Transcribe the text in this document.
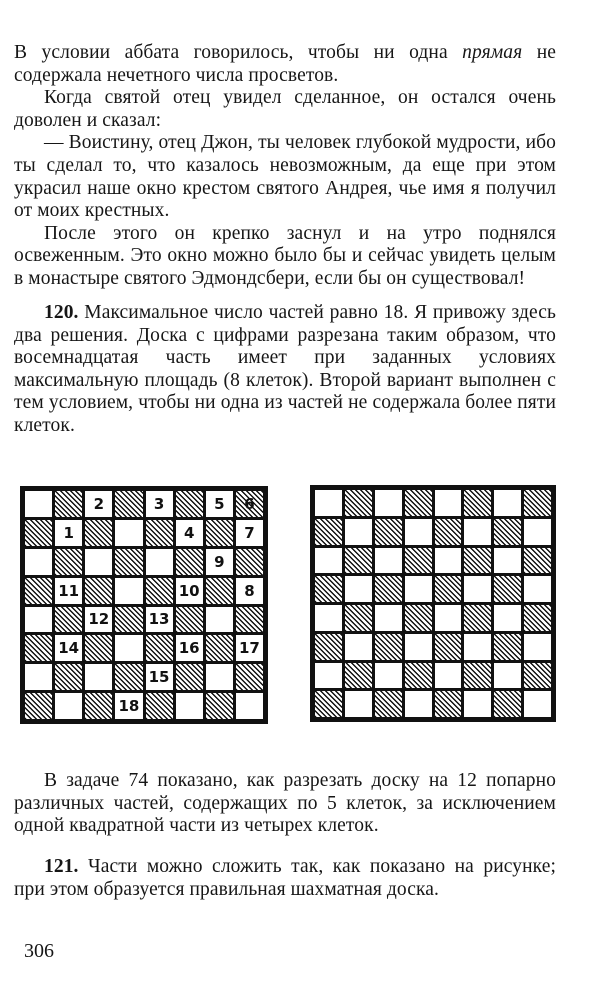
В условии аббата говорилось, чтобы ни одна прямая не содержала нечетного числа просветов.

Когда святой отец увидел сделанное, он остался очень доволен и сказал:

— Воистину, отец Джон, ты человек глубокой мудрости, ибо ты сделал то, что казалось невозможным, да еще при этом украсил наше окно крестом святого Андрея, чье имя я получил от моих крестных.

После этого он крепко заснул и на утро поднялся освеженным. Это окно можно было бы и сейчас увидеть целым в монастыре святого Эдмондсбери, если бы он существовал!

120. Максимальное число частей равно 18. Я привожу здесь два решения. Доска с цифрами разрезана таким образом, что восемнадцатая часть имеет при заданных условиях максимальную площадь (8 клеток). Второй вариант выполнен с тем условием, чтобы ни одна из частей не содержала более пяти клеток.

2	3	5	6
1	4	7
9
11	10	8
12	13
14	16	17
15
18

В задаче 74 показано, как разрезать доску на 12 попарно различных частей, содержащих по 5 клеток, за исключением одной квадратной части из четырех клеток.

121. Части можно сложить так, как показано на рисунке; при этом образуется правильная шахматная доска.

306
